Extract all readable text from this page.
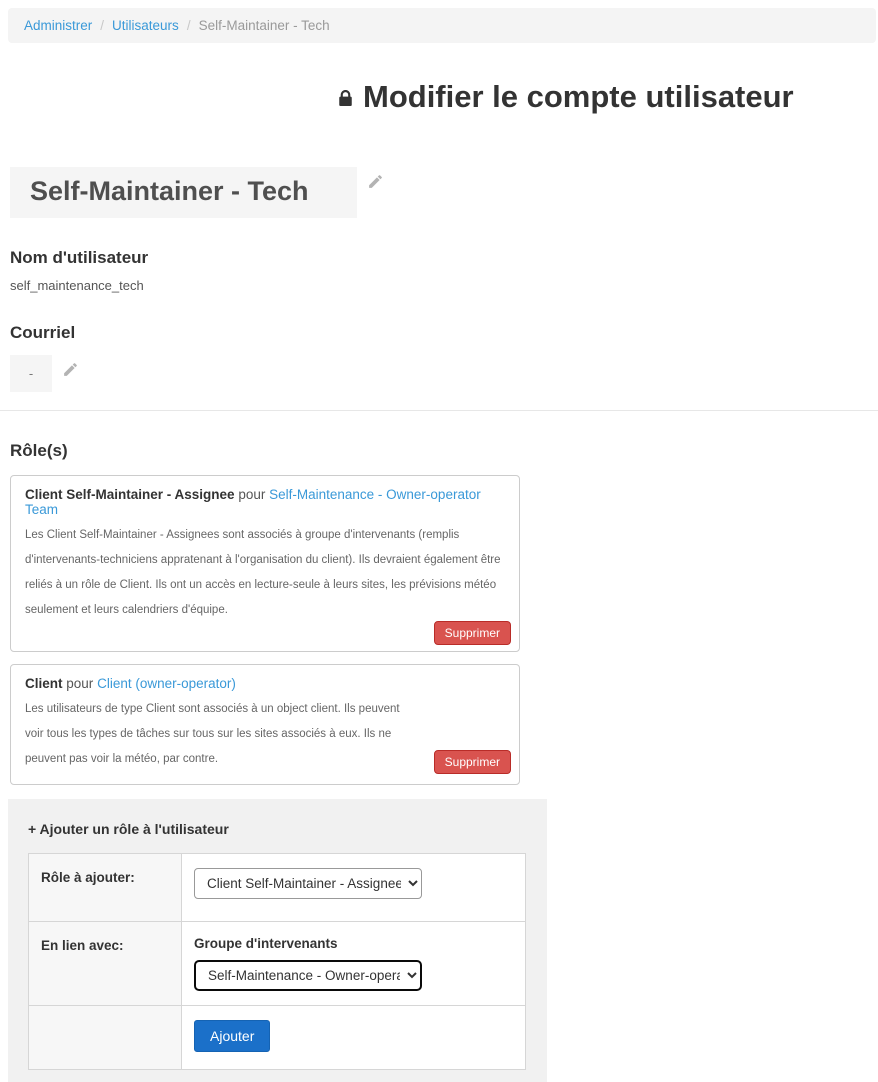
Administrer / Utilisateurs / Self-Maintainer - Tech
Modifier le compte utilisateur
Self-Maintainer - Tech
Nom d'utilisateur
self_maintenance_tech
Courriel
-
Rôle(s)
Client Self-Maintainer - Assignee pour Self-Maintenance - Owner-operator Team
Les Client Self-Maintainer - Assignees sont associés à groupe d'intervenants (remplis d'intervenants-techniciens appratenant à l'organisation du client). Ils devraient également être reliés à un rôle de Client. Ils ont un accès en lecture-seule à leurs sites, les prévisions météo seulement et leurs calendriers d'équipe.
Supprimer
Client pour Client (owner-operator)
Les utilisateurs de type Client sont associés à un object client. Ils peuvent voir tous les types de tâches sur tous sur les sites associés à eux. Ils ne peuvent pas voir la météo, par contre.	Supprimer
+ Ajouter un rôle à l'utilisateur
Rôle à ajouter:	
Client Self-Maintainer - Assignee
En lien avec:	Groupe d'intervenants
Self-Maintenance - Owner-operator Team
	Ajouter
